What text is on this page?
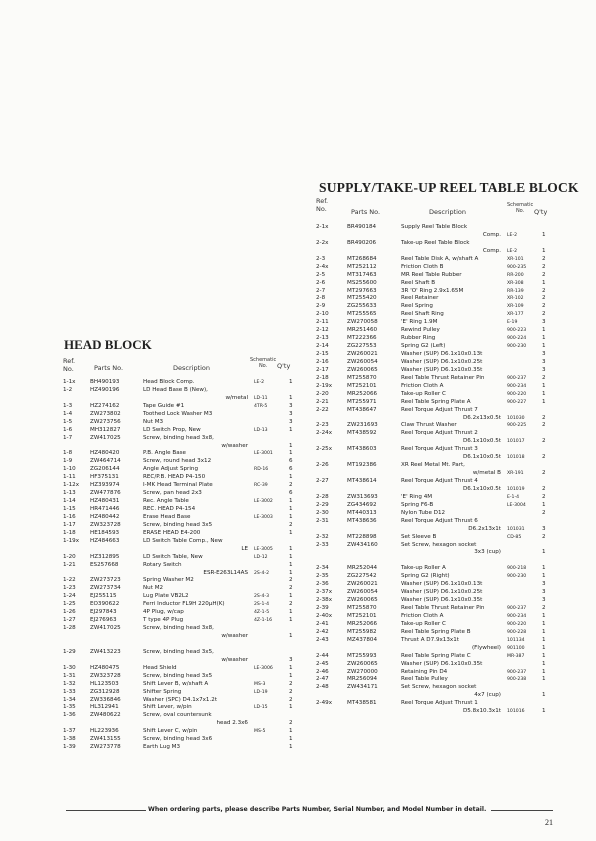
SUPPLY/TAKE-UP REEL TABLE BLOCK
Ref.
No.	Parts No.	Description
Schematic
No.	Q'ty
2-1x	BR490184	Supply Reel Table Block
Comp. LE-2	1
2-2x	BR490206	Take-up Reel Table Block
Comp. LE-2	1
2-3	MT268684	Reel Table Disk A, w/shaft A	XR-101	2
2-4x	MT252112	Friction Cloth B	900-235	2
2-5	MT317463	MR Reel Table Rubber	RR-200	2
2-6	MS255600	Reel Shaft B	XR-308	1
2-7	MT297663	3R 'O' Ring 2.9x1.65M	RR-139	2
2-8	MT255420	Reel Retainer	XR-102	2
2-9	ZG255633	Reel Spring	XR-109	2
2-10	MT255565	Reel Shaft Ring	XR-177	2
2-11	ZW270058	'E' Ring 1.9M	E-19	3
2-12	MR251460	Rewind Pulley	900-223	1
2-13	MT222366	Rubber Ring	900-224	1
2-14	ZG227553	Spring G2 (Left)	900-230	1
2-15	ZW260021	Washer (SUP) D6.1x10x0.13t	3
2-16	ZW260054	Washer (SUP) D6.1x10x0.25t	3
2-17	ZW260065	Washer (SUP) D6.1x10x0.35t	3
2-18	MT255870	Reel Table Thrust Retainer Pin	900-237	2
2-19x	MT252101	Friction Cloth A	900-234	1
2-20	MR252066	Take-up Roller C	900-220	1
2-21	MT255971	Reel Table Spring Plate A	900-227	1
2-22	MT438647	Reel Torque Adjust Thrust 7
D6.2x13x0.5t 101030	2
2-23	ZW231693	Claw Thrust Washer	900-225	2
2-24x	MT438592	Reel Torque Adjust Thrust 2
D6.1x10x0.5t 101017	2
2-25x	MT438603	Reel Torque Adjust Thrust 3
D6.1x10x0.5t 101018	2
2-26	MT192386	XR Reel Metal Mt. Part,
w/metal B XR-191	2
2-27	MT438614	Reel Torque Adjust Thrust 4
D6.1x10x0.5t 101019	2
2-28	ZW313693	'E' Ring 4M	E-1-4	2
2-29	ZG434692	Spring F6-B	LE-3004	1
2-30	MT440313	Nylon Tube D12	2
2-31	MT438636	Reel Torque Adjust Thrust 6
D6.2x13x1t 101031	3
2-32	MT228898	Set Sleeve B	CD-85	2
2-33	ZW434160	Set Screw, hexagon socket
3x3 (cup)	1
2-34	MR252044	Take-up Roller A	900-218	1
2-35	ZG227542	Spring G2 (Right)	900-230	1
2-36	ZW260021	Washer (SUP) D6.1x10x0.13t	3
2-37x	ZW260054	Washer (SUP) D6.1x10x0.25t	3
2-38x	ZW260065	Washer (SUP) D6.1x10x0.35t	3
2-39	MT255870	Reel Table Thrust Retainer Pin	900-237	2
2-40x	MT252101	Friction Cloth A	900-234	1
2-41	MR252066	Take-up Roller C	900-220	1
2-42	MT255982	Reel Table Spring Plate B	900-228	1
2-43	MZ437804	Thrust A D7.9x13x1t	101134	1
(Flywheel) 901100	1
2-44	MT255993	Reel Table Spring Plate C	MR-387	1
2-45	ZW260065	Washer (SUP) D6.1x10x0.35t	1
2-46	ZW270000	Retaining Pin D4	900-237	1
2-47	MR256094	Reel Table Pulley	900-238	1
2-48	ZW434171	Set Screw, hexagon socket
4x7 (cup)	1
2-49x	MT438581	Reel Torque Adjust Thrust 1
D5.8x10.3x1t 101016	1
HEAD BLOCK
Ref.
No.	Parts No.	Description
Schematic
No.	Q'ty
1-1x	BH490193	Head Block Comp.	LE-2	1
1-2	HZ490196	LD Head Base B (New),
w/metal LD-11	1
1-3	HZ274162	Tape Guide #1	4TR-5	3
1-4	ZW273802	Toothed Lock Washer M3	3
1-5	ZW273756	Nut M3	3
1-6	MH312827	LD Switch Prop, New	LD-13	1
1-7	ZW417025	Screw, binding head 3x8,
w/washer	1
1-8	HZ480420	P.B. Angle Base	LE-3001	1
1-9	ZW464714	Screw, round head 3x12	6
1-10	ZG206144	Angle Adjust Spring	RD-16	6
1-11	HF375131	REC/P.B. HEAD P4-150	1
1-12x HZ393974	I-MK Head Terminal Plate	RC-39	2
1-13	ZW477876	Screw, pan head 2x3	6
1-14	HZ480431	Rec. Angle Table	LE-3002	1
1-15	HR471446	REC. HEAD P4-154	1
1-16	HZ480442	Erase Head Base	LE-3003	1
1-17	ZW323728	Screw, binding head 3x5	2
1-18	HE184593	ERASE HEAD E4-200	1
1-19x HZ484663	LD Switch Table Comp., New
LE LE-3005	1
1-20	HZ312895	LD Switch Table, New	LD-12	1
1-21	ES257668	Rotary Switch	1
ESR-E263L14AS 2S-4-2	1
1-22	ZW273723	Spring Washer M2	2
1-23	ZW273734	Nut M2	2
1-24	EJ255115	Lug Plate VB2L2	2S-4-3	1
1-25	EO390622	Ferri Inductor FL9H 220μH(K)	2S-1-4	2
1-26	EJ297843	4P Plug, w/cap	4Z-1-5	1
1-27	EJ276963	T type 4P Plug	4Z-1-16	1
1-28	ZW417025	Screw, binding head 3x8,
w/washer	1
1-29	ZW413223	Screw, binding head 3x5,
w/washer	3
1-30	HZ480475	Head Shield	LE-3006	1
1-31	ZW323728	Screw, binding head 3x5	1
1-32	HL123503	Shift Lever B, w/shaft A	MS-3	2
1-33	ZG312928	Shifter Spring	LD-19	2
1-34	ZW336846	Washer (SPC) D4.1x7x1.2t	2
1-35	HL312941	Shift Lever, w/pin	LD-15	1
1-36	ZW480622	Screw, oval countersunk
head 2.3x6	2
1-37	HL223936	Shift Lever C, w/pin	MS-5	1
1-38	ZW413155	Screw, binding head 3x6	1
1-39	ZW273778	Earth Lug M3	1
When ordering parts, please describe Parts Number, Serial Number, and Model Number in detail.
21
